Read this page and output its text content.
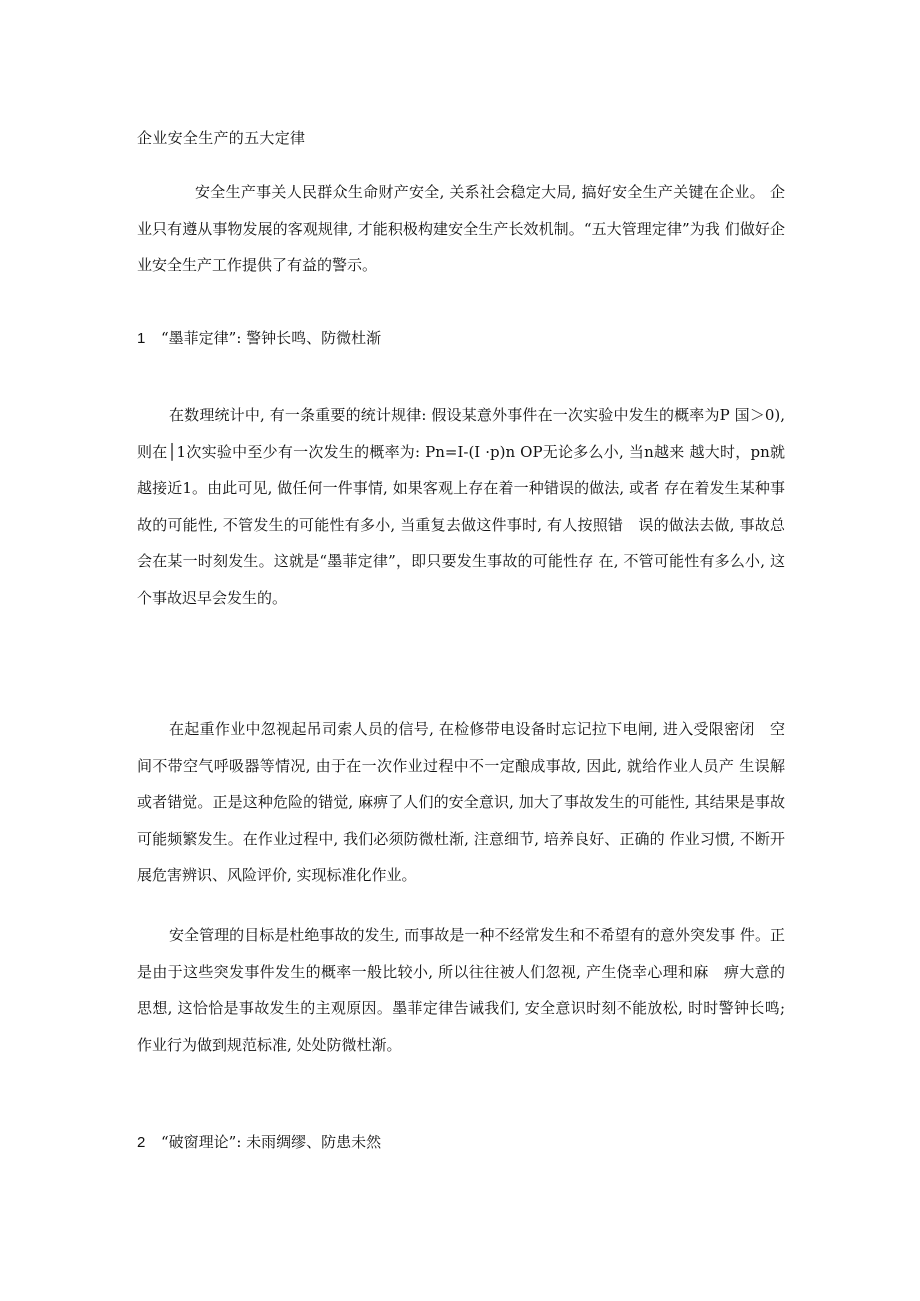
企业安全生产的五大定律

安全生产事关人民群众生命财产安全, 关系社会稳定大局, 搞好安全生产关键在企业。 企业只有遵从事物发展的客观规律, 才能积极构建安全生产长效机制。“五大管理定律”为我 们做好企业安全生产工作提供了有益的警示。

1 “墨菲定律”: 警钟长鸣、防微杜渐

在数理统计中, 有一条重要的统计规律: 假设某意外事件在一次实验中发生的概率为P 国＞0), 则在│1次实验中至少有一次发生的概率为: Pn=I-(I ·p)n OP无论多么小, 当n越来 越大时，pn就越接近1。由此可见, 做任何一件事情, 如果客观上存在着一种错误的做法, 或者 存在着发生某种事故的可能性, 不管发生的可能性有多小, 当重复去做这件事时, 有人按照错　误的做法去做, 事故总会在某一时刻发生。这就是“墨菲定律”，即只要发生事故的可能性存 在, 不管可能性有多么小, 这个事故迟早会发生的。

在起重作业中忽视起吊司索人员的信号, 在检修带电设备时忘记拉下电闸, 进入受限密闭　空间不带空气呼吸器等情况, 由于在一次作业过程中不一定酿成事故, 因此, 就给作业人员产 生误解或者错觉。正是这种危险的错觉, 麻痹了人们的安全意识, 加大了事故发生的可能性, 其结果是事故可能频繁发生。在作业过程中, 我们必须防微杜渐, 注意细节, 培养良好、正确的 作业习惯, 不断开展危害辨识、风险评价, 实现标准化作业。

安全管理的目标是杜绝事故的发生, 而事故是一种不经常发生和不希望有的意外突发事 件。正是由于这些突发事件发生的概率一般比较小, 所以往往被人们忽视, 产生侥幸心理和麻　痹大意的思想, 这恰恰是事故发生的主观原因。墨菲定律告诫我们, 安全意识时刻不能放松, 时时警钟长鸣; 作业行为做到规范标准, 处处防微杜渐。

2 “破窗理论”: 未雨绸缪、防患未然
